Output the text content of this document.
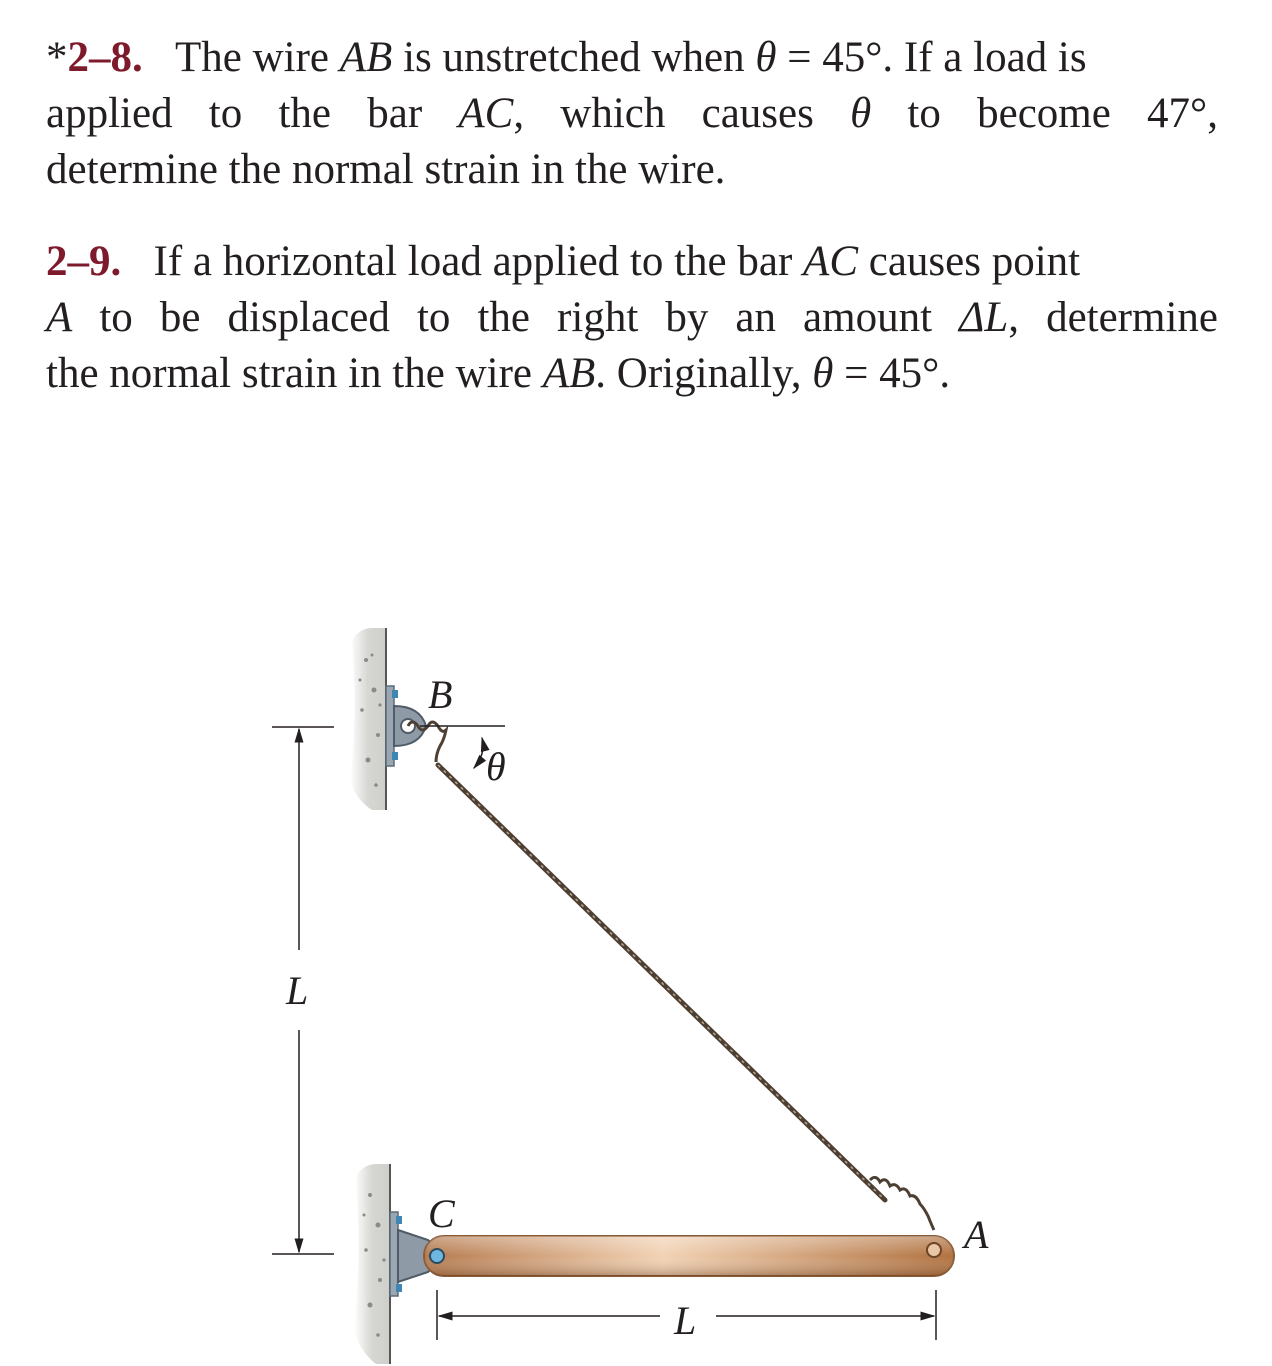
*2–8. The wire AB is unstretched when θ = 45°. If a load is
applied to the bar AC, which causes θ to become 47°,
determine the normal strain in the wire.
2–9. If a horizontal load applied to the bar AC causes point
A to be displaced to the right by an amount ΔL, determine
the normal strain in the wire AB. Originally, θ = 45°.
θ
B
L
C	A
L
